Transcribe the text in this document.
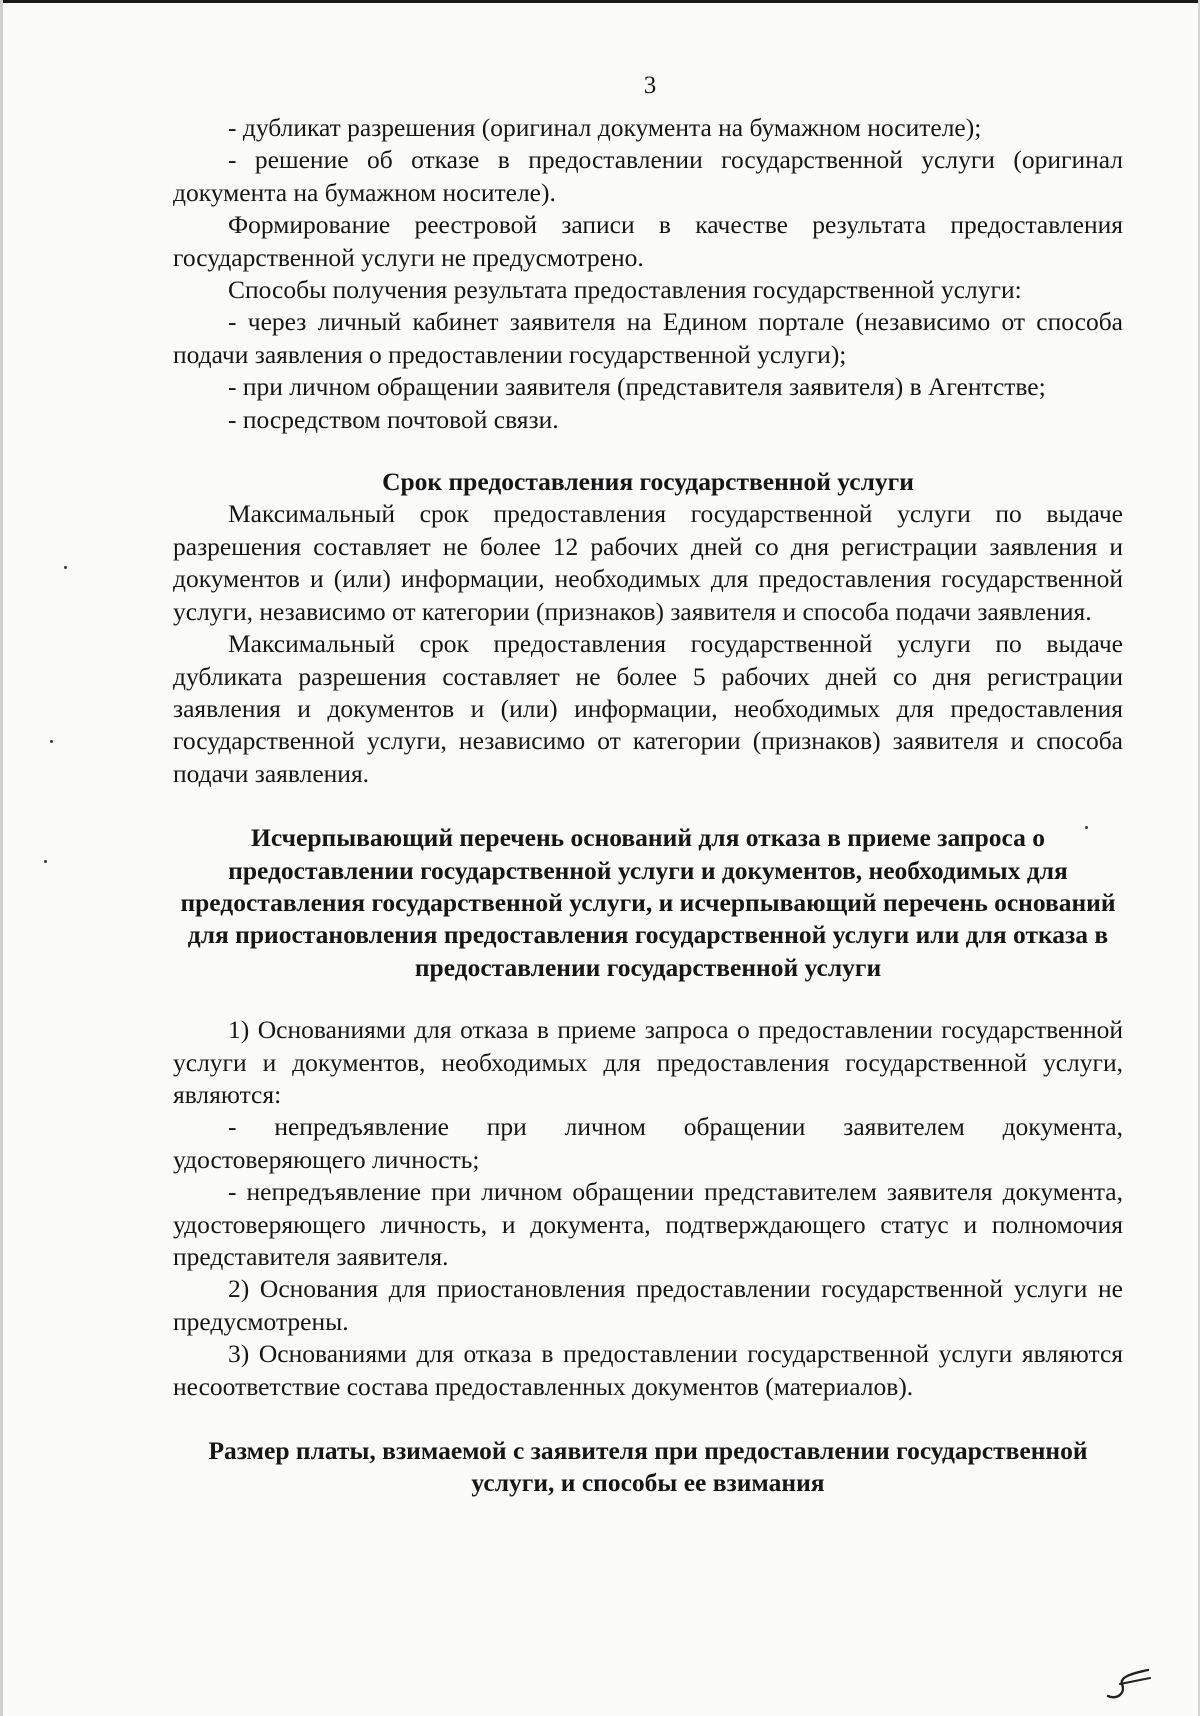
3

- дубликат разрешения (оригинал документа на бумажном носителе);

- решение об отказе в предоставлении государственной услуги (оригинал документа на бумажном носителе).

Формирование реестровой записи в качестве результата предоставления государственной услуги не предусмотрено.

Способы получения результата предоставления государственной услуги:

- через личный кабинет заявителя на Едином портале (независимо от способа подачи заявления о предоставлении государственной услуги);

- при личном обращении заявителя (представителя заявителя) в Агентстве;

- посредством почтовой связи.

Срок предоставления государственной услуги

Максимальный срок предоставления государственной услуги по выдаче разрешения составляет не более 12 рабочих дней со дня регистрации заявления и документов и (или) информации, необходимых для предоставления государственной услуги, независимо от категории (признаков) заявителя и способа подачи заявления.

Максимальный срок предоставления государственной услуги по выдаче дубликата разрешения составляет не более 5 рабочих дней со дня регистрации заявления и документов и (или) информации, необходимых для предоставления государственной услуги, независимо от категории (признаков) заявителя и способа подачи заявления.

Исчерпывающий перечень оснований для отказа в приеме запроса о предоставлении государственной услуги и документов, необходимых для предоставления государственной услуги, и исчерпывающий перечень оснований для приостановления предоставления государственной услуги или для отказа в предоставлении государственной услуги

1) Основаниями для отказа в приеме запроса о предоставлении государственной услуги и документов, необходимых для предоставления государственной услуги, являются:

- непредъявление при личном обращении заявителем документа, удостоверяющего личность;

- непредъявление при личном обращении представителем заявителя документа, удостоверяющего личность, и документа, подтверждающего статус и полномочия представителя заявителя.

2) Основания для приостановления предоставлении государственной услуги не предусмотрены.

3) Основаниями для отказа в предоставлении государственной услуги являются несоответствие состава предоставленных документов (материалов).

Размер платы, взимаемой с заявителя при предоставлении государственной услуги, и способы ее взимания
